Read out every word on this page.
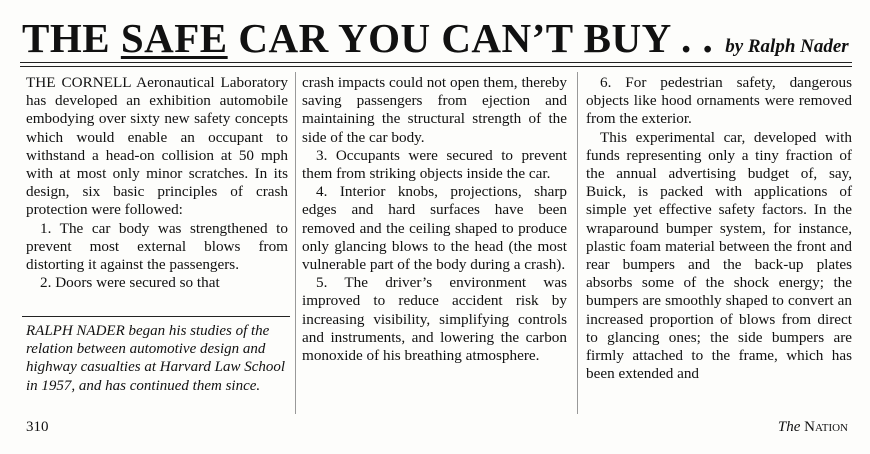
THE SAFE CAR YOU CAN’T BUY . . by Ralph Nader

THE CORNELL Aeronautical Laboratory has developed an exhibition automobile embodying over sixty new safety concepts which would enable an occupant to withstand a head-on collision at 50 mph with at most only minor scratches. In its design, six basic principles of crash protection were followed:

1. The car body was strengthened to prevent most external blows from distorting it against the passengers.

2. Doors were secured so that

crash impacts could not open them, thereby saving passengers from ejection and maintaining the structural strength of the side of the car body.

3. Occupants were secured to prevent them from striking objects inside the car.

4. Interior knobs, projections, sharp edges and hard surfaces have been removed and the ceiling shaped to produce only glancing blows to the head (the most vulnerable part of the body during a crash).

5. The driver’s environment was improved to reduce accident risk by increasing visibility, simplifying controls and instruments, and lowering the carbon monoxide of his breathing atmosphere.

6. For pedestrian safety, dangerous objects like hood ornaments were removed from the exterior.

This experimental car, developed with funds representing only a tiny fraction of the annual advertising budget of, say, Buick, is packed with applications of simple yet effective safety factors. In the wraparound bumper system, for instance, plastic foam material between the front and rear bumpers and the back-up plates absorbs some of the shock energy; the bumpers are smoothly shaped to convert an increased proportion of blows from direct to glancing ones; the side bumpers are firmly attached to the frame, which has been extended and

RALPH NADER began his studies of the relation between automotive design and highway casualties at Harvard Law School in 1957, and has continued them since.
310	The Nation
